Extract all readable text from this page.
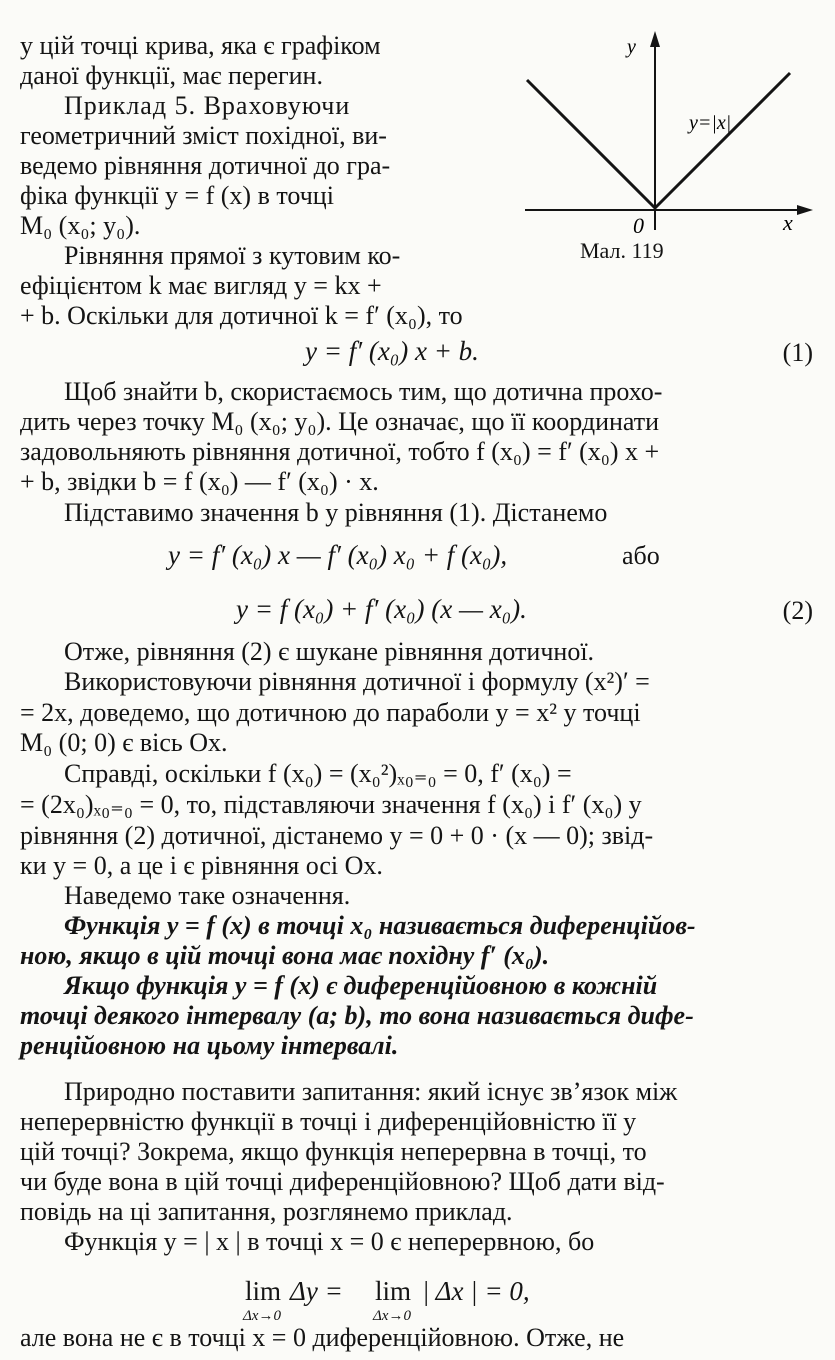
у цій точці крива, яка є графіком
даної функції, має перегин.
Приклад 5. Враховуючи
геометричний зміст похідної, ви-
ведемо рівняння дотичної до гра-
фіка функції y = f (x) в точці
M₀ (x₀; y₀).
Рівняння прямої з кутовим ко-
ефіцієнтом k має вигляд y = kx +
+ b. Оскільки для дотичної k = f′ (x₀), то
y
x
0
y=|x|
Мал. 119
y = f′ (x₀) x + b.	(1)
Щоб знайти b, скористаємось тим, що дотична прохо-
дить через точку M₀ (x₀; y₀). Це означає, що її координати
задовольняють рівняння дотичної, тобто f (x₀) = f′ (x₀) x +
+ b, звідки b = f (x₀) — f′ (x₀) · x.
Підставимо значення b у рівняння (1). Дістанемо
y = f′ (x₀) x — f′ (x₀) x₀ + f (x₀),	або
y = f (x₀) + f′ (x₀) (x — x₀).	(2)
Отже, рівняння (2) є шукане рівняння дотичної.
Використовуючи рівняння дотичної і формулу (x²)′ =
= 2x, доведемо, що дотичною до параболи y = x² у точці
M₀ (0; 0) є вісь Ox.
Справді, оскільки f (x₀) = (x₀²)ₓ₀₌₀ = 0, f′ (x₀) =
= (2x₀)ₓ₀₌₀ = 0, то, підставляючи значення f (x₀) і f′ (x₀) у
рівняння (2) дотичної, дістанемо y = 0 + 0 · (x — 0); звід-
ки y = 0, а це і є рівняння осі Ox.
Наведемо таке означення.
Функція y = f (x) в точці x₀ називається диференційов-
ною, якщо в цій точці вона має похідну f′ (x₀).
Якщо функція y = f (x) є диференційовною в кожній
точці деякого інтервалу (a; b), то вона називається дифе-
ренційовною на цьому інтервалі.
Природно поставити запитання: який існує зв’язок між
неперервністю функції в точці і диференційовністю її у
цій точці? Зокрема, якщо функція неперервна в точці, то
чи буде вона в цій точці диференційовною? Щоб дати від-
повідь на ці запитання, розглянемо приклад.
Функція y = | x | в точці x = 0 є неперервною, бо
lim
Δx→0
Δy = lim
Δx→0
| Δx | = 0,
але вона не є в точці x = 0 диференційовною. Отже, не
